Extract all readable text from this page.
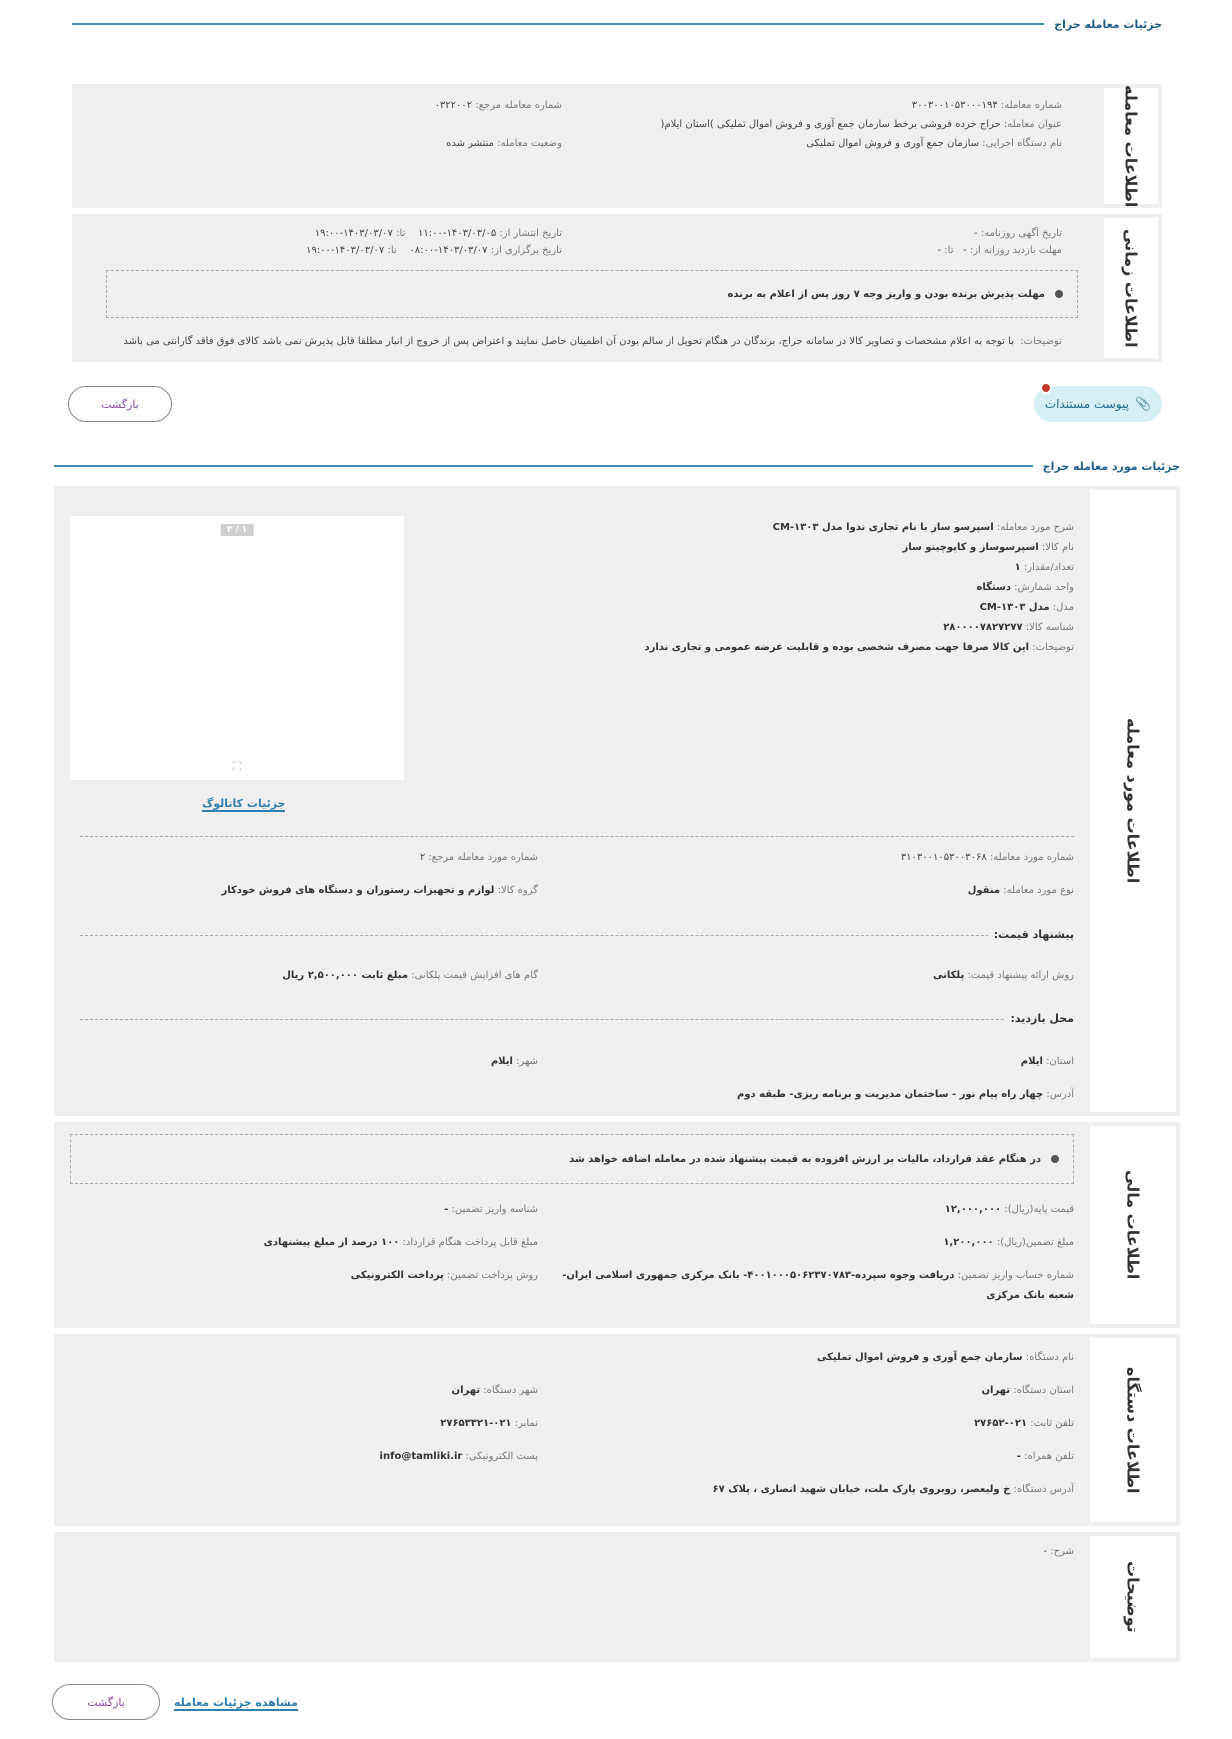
جزئیات معامله حراج
اطلاعات معامله
شماره معامله: ۳۰۰۳۰۰۱۰۵۳۰۰۰۱۹۴
عنوان معامله: حراج خرده فروشی برخط سازمان جمع آوری و فروش اموال تملیکی )استان ایلام(
نام دستگاه اجرایی: سازمان جمع آوری و فروش اموال تملیکی
شماره معامله مرجع: ۰۳۲۲۰۰۲
وضعیت معامله: منتشر شده
اطلاعات زمانی
تاریخ آگهی روزنامه: -
مهلت بازدید روزانه از: -   تا: -
تاریخ انتشار از: ۱۴۰۳/۰۳/۰۵-۱۱:۰۰    تا: ۱۴۰۳/۰۳/۰۷-۱۹:۰۰
تاریخ برگزاری از: ۱۴۰۳/۰۳/۰۷-۰۸:۰۰    تا: ۱۴۰۳/۰۳/۰۷-۱۹:۰۰
مهلت پذیرش برنده بودن و واریز وجه ۷ روز پس از اعلام به برنده
توضیحات:  با توجه به اعلام مشخصات و تصاویر کالا در سامانه حراج، برندگان در هنگام تحویل از سالم بودن آن اطمینان حاصل نمایند و اعتراض پس از خروج از انبار مطلقا قابل پذیرش نمی باشد کالای فوق فاقد گارانتی می باشد
📎
پیوست مستندات
بازگشت
جزئیات مورد معامله حراج
اطلاعات مورد معامله
شرح مورد معامله: اسپرسو ساز با نام تجاری ندوا مدل CM-۱۳۰۳
نام کالا: اسپرسوساز و کاپوچینو ساز
تعداد/مقدار: ۱
واحد شمارش: دستگاه
مدل: مدل CM-۱۳۰۳
شناسه کالا: ۲۸۰۰۰۰۷۸۲۷۲۷۷
توضیحات: این کالا صرفا جهت مصرف شخصی بوده و قابلیت عرضه عمومی و تجاری ندارد
۳ / ۱
⛶
جزئیات کاتالوگ
شماره مورد معامله: ۳۱۰۳۰۰۱۰۵۳۰۰۳۰۶۸
شماره مورد معامله مرجع: ۲
نوع مورد معامله: منقول
گروه کالا: لوازم و تجهیزات رستوران و دستگاه های فروش خودکار
پیشنهاد قیمت:
روش ارائه پیشنهاد قیمت: پلکانی
گام های افزایش قیمت پلکانی: مبلغ ثابت ۲,۵۰۰,۰۰۰ ریال
محل بازدید:
استان: ایلام
شهر: ایلام
آدرس: چهار راه پیام نور - ساختمان مدیریت و برنامه ریزی- طبقه دوم
اطلاعات مالی
در هنگام عقد قرارداد، مالیات بر ارزش افزوده به قیمت پیشنهاد شده در معامله اضافه خواهد شد
قیمت پایه(ریال): ۱۲,۰۰۰,۰۰۰
شناسه واریز تضمین: -
مبلغ تضمین(ریال): ۱,۲۰۰,۰۰۰
مبلغ قابل پرداخت هنگام قرارداد: ۱۰۰ درصد از مبلغ پیشنهادی
شماره حساب واریز تضمین: دریافت وجوه سپرده-۴۰۰۱۰۰۰۵۰۶۲۳۷۰۷۸۳- بانک مرکزی جمهوری اسلامی ایران-
شعبه بانک مرکزی
روش پرداخت تضمین: پرداخت الکترونیکی
اطلاعات دستگاه
نام دستگاه: سازمان جمع آوری و فروش اموال تملیکی
استان دستگاه: تهران
شهر دستگاه: تهران
تلفن ثابت: ۰۲۱-۲۷۶۵۲
نمابر: ۰۲۱-۲۷۶۵۳۳۲۱
تلفن همراه: -
پست الکترونیکی: info@tamliki.ir
آدرس دستگاه: خ ولیعصر، روبروی پارک ملت، خیابان شهید انصاری ، پلاک ۶۷
توضیحات
شرح: -
مشاهده جزئیات معامله
بازگشت
